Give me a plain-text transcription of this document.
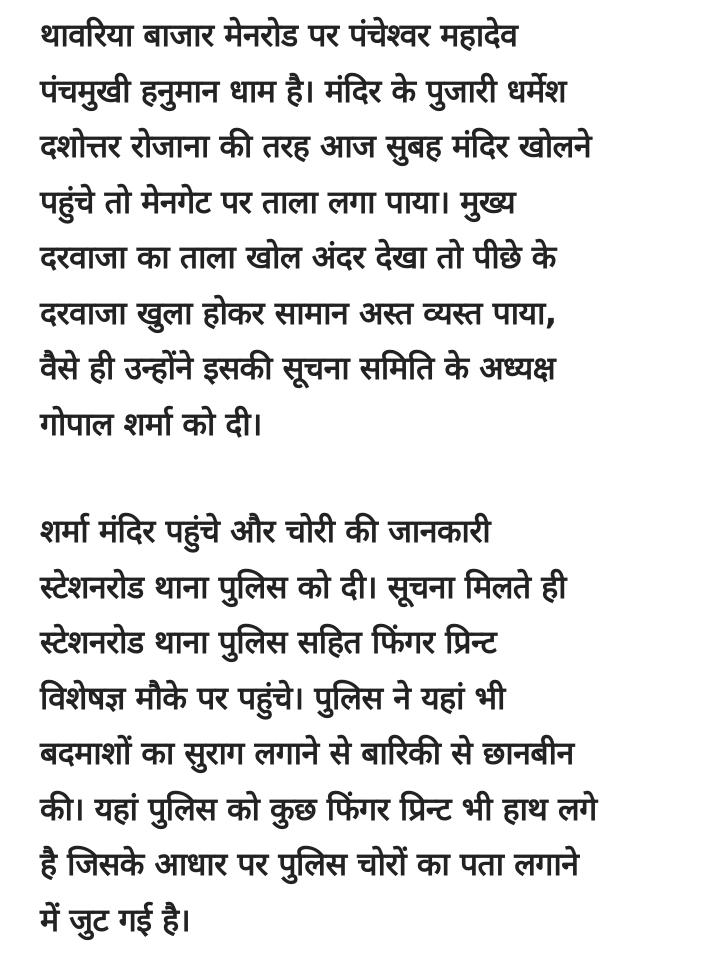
थावरिया बाजार मेनरोड पर पंचेश्वर महादेव
पंचमुखी हनुमान धाम है। मंदिर के पुजारी धर्मेश
दशोत्तर रोजाना की तरह आज सुबह मंदिर खोलने
पहुंचे तो मेनगेट पर ताला लगा पाया। मुख्य
दरवाजा का ताला खोल अंदर देखा तो पीछे के
दरवाजा खुला होकर सामान अस्त व्यस्त पाया,
वैसे ही उन्होंने इसकी सूचना समिति के अध्यक्ष
गोपाल शर्मा को दी।

शर्मा मंदिर पहुंचे और चोरी की जानकारी
स्टेशनरोड थाना पुलिस को दी। सूचना मिलते ही
स्टेशनरोड थाना पुलिस सहित फिंगर प्रिन्ट
विशेषज्ञ मौके पर पहुंचे। पुलिस ने यहां भी
बदमाशों का सुराग लगाने से बारिकी से छानबीन
की। यहां पुलिस को कुछ फिंगर प्रिन्ट भी हाथ लगे
है जिसके आधार पर पुलिस चोरों का पता लगाने
में जुट गई है।
